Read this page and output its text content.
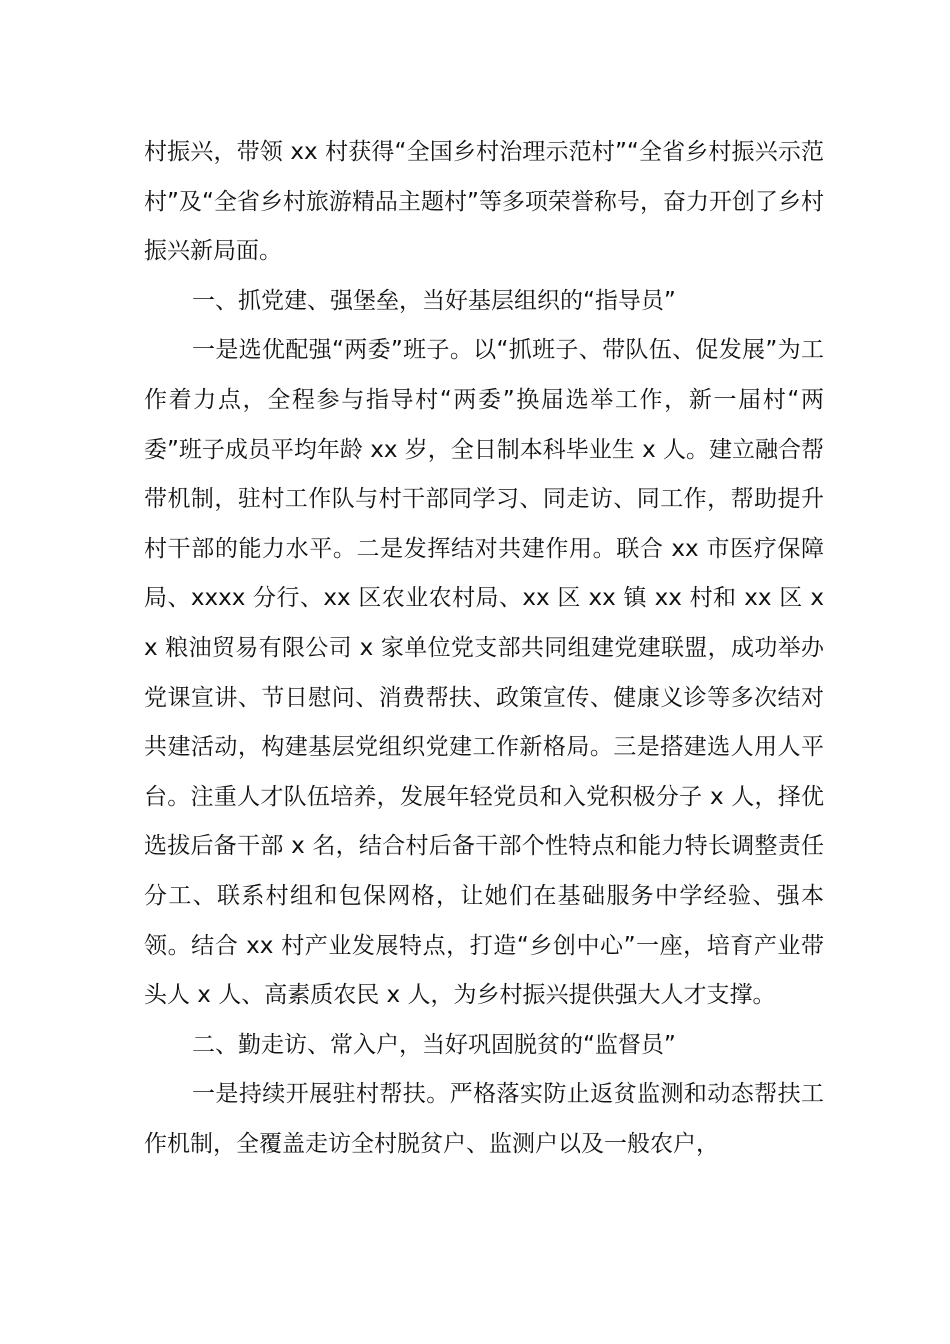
村振兴，带领 xx 村获得“全国乡村治理示范村”“全省乡村振兴示范村”及“全省乡村旅游精品主题村”等多项荣誉称号，奋力开创了乡村振兴新局面。

一、抓党建、强堡垒，当好基层组织的“指导员”

一是选优配强“两委”班子。以“抓班子、带队伍、促发展”为工作着力点，全程参与指导村“两委”换届选举工作，新一届村“两委”班子成员平均年龄 xx 岁，全日制本科毕业生 x 人。建立融合帮带机制，驻村工作队与村干部同学习、同走访、同工作，帮助提升村干部的能力水平。二是发挥结对共建作用。联合 xx 市医疗保障局、xxxx 分行、xx 区农业农村局、xx 区 xx 镇 xx 村和 xx 区 xx 粮油贸易有限公司 x 家单位党支部共同组建党建联盟，成功举办党课宣讲、节日慰问、消费帮扶、政策宣传、健康义诊等多次结对共建活动，构建基层党组织党建工作新格局。三是搭建选人用人平台。注重人才队伍培养，发展年轻党员和入党积极分子 x 人，择优选拔后备干部 x 名，结合村后备干部个性特点和能力特长调整责任分工、联系村组和包保网格，让她们在基础服务中学经验、强本领。结合 xx 村产业发展特点，打造“乡创中心”一座，培育产业带头人 x 人、高素质农民 x 人，为乡村振兴提供强大人才支撑。

二、勤走访、常入户，当好巩固脱贫的“监督员”

一是持续开展驻村帮扶。严格落实防止返贫监测和动态帮扶工作机制，全覆盖走访全村脱贫户、监测户以及一般农户，
